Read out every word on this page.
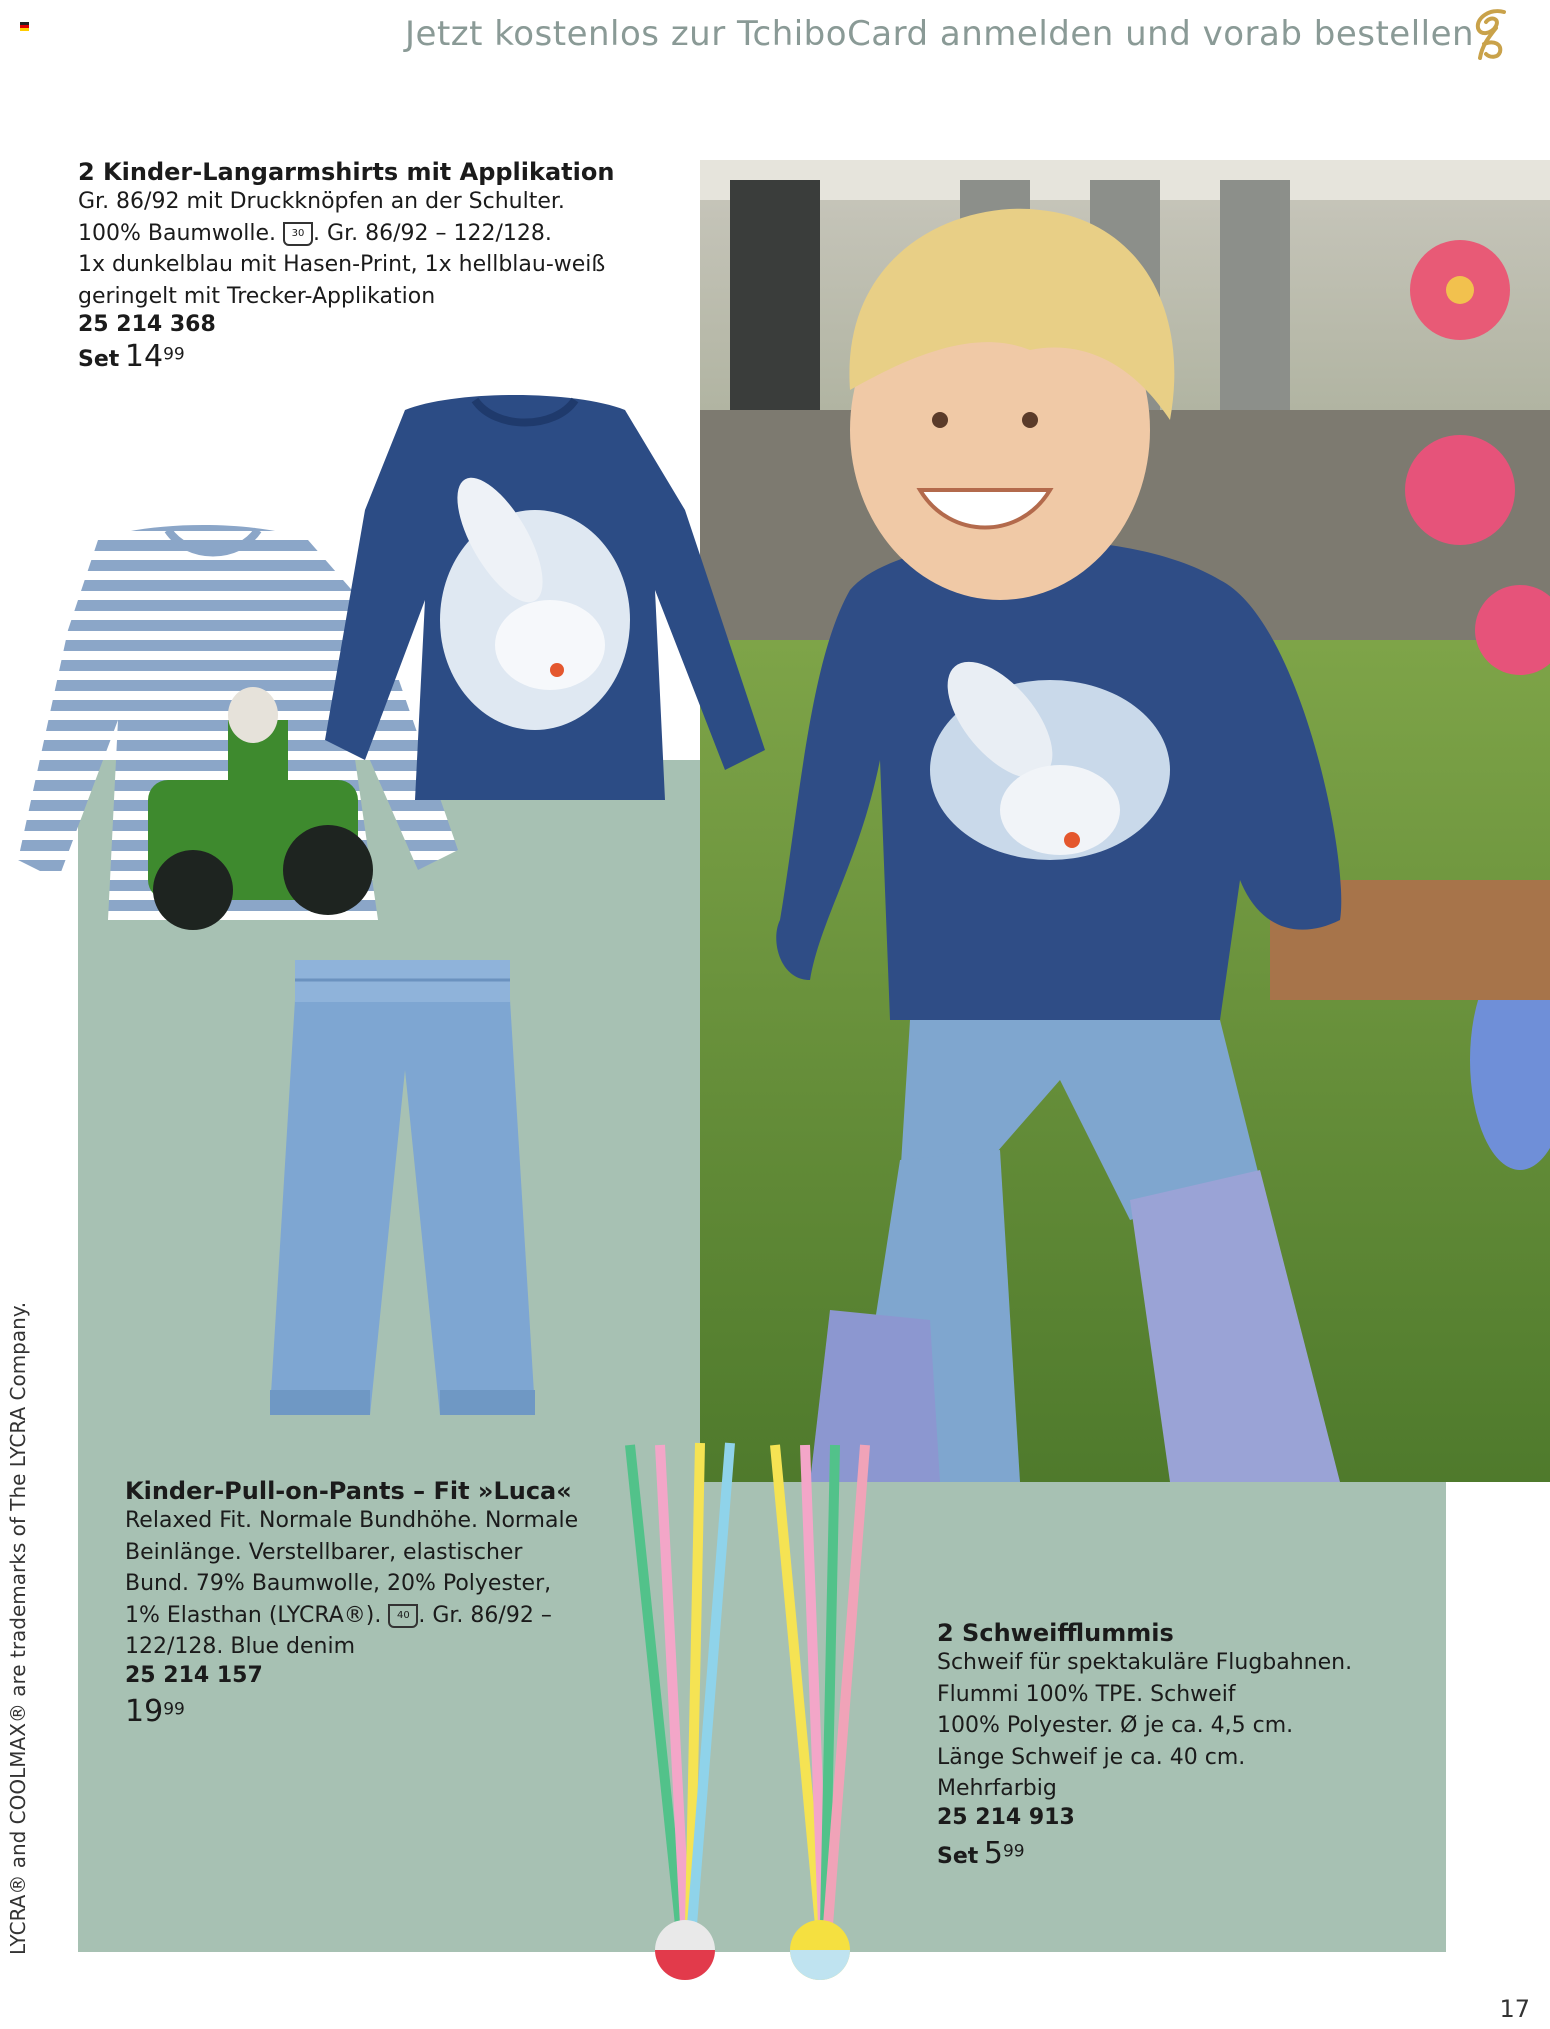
Jetzt kostenlos zur TchiboCard anmelden und vorab bestellen
2 Kinder-Langarmshirts mit Applikation
Gr. 86/92 mit Druckknöpfen an der Schulter.
100% Baumwolle. 30 . Gr. 86/92 – 122/128.
1x dunkelblau mit Hasen-Print, 1x hellblau-weiß
geringelt mit Trecker-Applikation
25 214 368
Set 1499
Kinder-Pull-on-Pants – Fit »Luca«
Relaxed Fit. Normale Bundhöhe. Normale
Beinlänge. Verstellbarer, elastischer
Bund. 79% Baumwolle, 20% Polyester,
1% Elasthan (LYCRA®). 40 . Gr. 86/92 –
122/128. Blue denim
25 214 157
1999
2 Schweifflummis
Schweif für spektakuläre Flugbahnen.
Flummi 100% TPE. Schweif
100% Polyester. Ø je ca. 4,5 cm.
Länge Schweif je ca. 40 cm.
Mehrfarbig
25 214 913
Set 599
LYCRA® and COOLMAX® are trademarks of The LYCRA Company.
17
